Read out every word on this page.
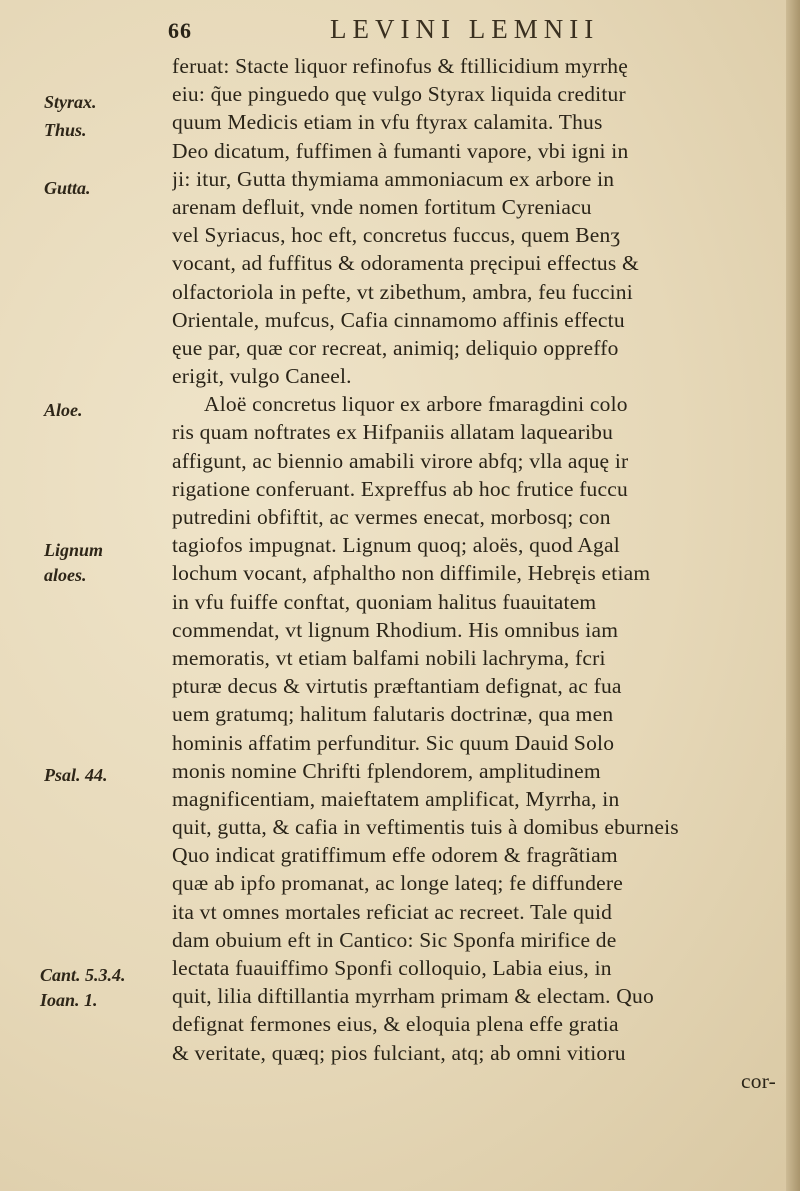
66	LEVINI LEMNII
Styrax.
Thus.
Gutta.
Aloe.
Lignum
aloes.
Psal. 44.
Cant. 5.3.4.
Ioan. 1.
feruat: Stacte liquor refinofus & ftillicidium myrrhę
eiu: q̃ue pinguedo quę vulgo Styrax liquida creditur
quum Medicis etiam in vfu ftyrax calamita. Thus
Deo dicatum, fuffimen à fumanti vapore, vbi igni in
ji: itur, Gutta thymiama ammoniacum ex arbore in
arenam defluit, vnde nomen fortitum Cyreniacu
vel Syriacus, hoc eft, concretus fuccus, quem Benʒ
vocant, ad fuffitus & odoramenta pręcipui effectus &
olfactoriola in pefte, vt zibethum, ambra, feu fuccini
Orientale, mufcus, Cafia cinnamomo affinis effectu
ęue par, quæ cor recreat, animiq; deliquio oppreffo
erigit, vulgo Caneel.
Aloë concretus liquor ex arbore fmaragdini colo
ris quam noftrates ex Hifpaniis allatam laquearibu
affigunt, ac biennio amabili virore abfq; vlla aquę ir
rigatione conferuant. Expreffus ab hoc frutice fuccu
putredini obfiftit, ac vermes enecat, morbosq; con
tagiofos impugnat. Lignum quoq; aloës, quod Agal
lochum vocant, afphaltho non diffimile, Hebręis etiam
in vfu fuiffe conftat, quoniam halitus fuauitatem
commendat, vt lignum Rhodium. His omnibus iam
memoratis, vt etiam balfami nobili lachryma, fcri
pturæ decus & virtutis præftantiam defignat, ac fua
uem gratumq; halitum falutaris doctrinæ, qua men
hominis affatim perfunditur. Sic quum Dauid Solo
monis nomine Chrifti fplendorem, amplitudinem
magnificentiam, maieftatem amplificat, Myrrha, in
quit, gutta, & cafia in veftimentis tuis à domibus eburneis
Quo indicat gratiffimum effe odorem & fragrãtiam
quæ ab ipfo promanat, ac longe lateq; fe diffundere
ita vt omnes mortales reficiat ac recreet. Tale quid
dam obuium eft in Cantico: Sic Sponfa mirifice de
lectata fuauiffimo Sponfi colloquio, Labia eius, in
quit, lilia diftillantia myrrham primam & electam. Quo
defignat fermones eius, & eloquia plena effe gratia
& veritate, quæq; pios fulciant, atq; ab omni vitioru
cor-
